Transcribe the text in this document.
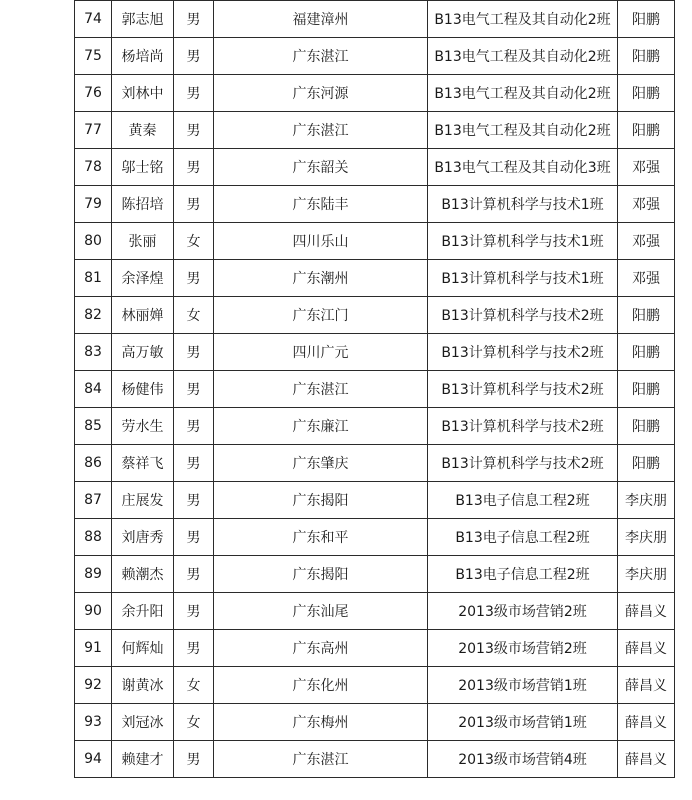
74	郭志旭	男	福建漳州	B13电气工程及其自动化2班	阳鹏
75	杨培尚	男	广东湛江	B13电气工程及其自动化2班	阳鹏
76	刘林中	男	广东河源	B13电气工程及其自动化2班	阳鹏
77	黄秦	男	广东湛江	B13电气工程及其自动化2班	阳鹏
78	邬士铭	男	广东韶关	B13电气工程及其自动化3班	邓强
79	陈招培	男	广东陆丰	B13计算机科学与技术1班	邓强
80	张丽	女	四川乐山	B13计算机科学与技术1班	邓强
81	余泽煌	男	广东潮州	B13计算机科学与技术1班	邓强
82	林丽婵	女	广东江门	B13计算机科学与技术2班	阳鹏
83	高万敏	男	四川广元	B13计算机科学与技术2班	阳鹏
84	杨健伟	男	广东湛江	B13计算机科学与技术2班	阳鹏
85	劳水生	男	广东廉江	B13计算机科学与技术2班	阳鹏
86	蔡祥飞	男	广东肇庆	B13计算机科学与技术2班	阳鹏
87	庄展发	男	广东揭阳	B13电子信息工程2班	李庆朋
88	刘唐秀	男	广东和平	B13电子信息工程2班	李庆朋
89	赖潮杰	男	广东揭阳	B13电子信息工程2班	李庆朋
90	余升阳	男	广东汕尾	2013级市场营销2班	薛昌义
91	何辉灿	男	广东高州	2013级市场营销2班	薛昌义
92	谢黄冰	女	广东化州	2013级市场营销1班	薛昌义
93	刘冠冰	女	广东梅州	2013级市场营销1班	薛昌义
94	赖建才	男	广东湛江	2013级市场营销4班	薛昌义
